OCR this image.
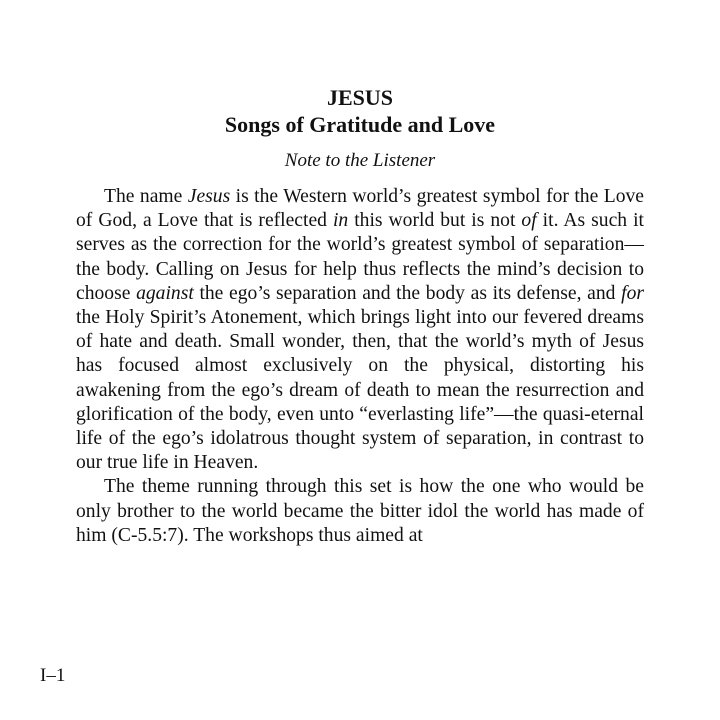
JESUS
Songs of Gratitude and Love
Note to the Listener

The name Jesus is the Western world’s greatest symbol for the Love of God, a Love that is reflected in this world but is not of it. As such it serves as the correction for the world’s greatest symbol of separation—the body. Calling on Jesus for help thus reflects the mind’s decision to choose against the ego’s separation and the body as its defense, and for the Holy Spirit’s Atonement, which brings light into our fevered dreams of hate and death. Small wonder, then, that the world’s myth of Jesus has focused almost exclusively on the physical, distorting his awakening from the ego’s dream of death to mean the resurrection and glorification of the body, even unto “everlasting life”—the quasi-eternal life of the ego’s idolatrous thought system of separation, in contrast to our true life in Heaven.

The theme running through this set is how the one who would be only brother to the world became the bitter idol the world has made of him (C-5.5:7). The workshops thus aimed at

I–1
